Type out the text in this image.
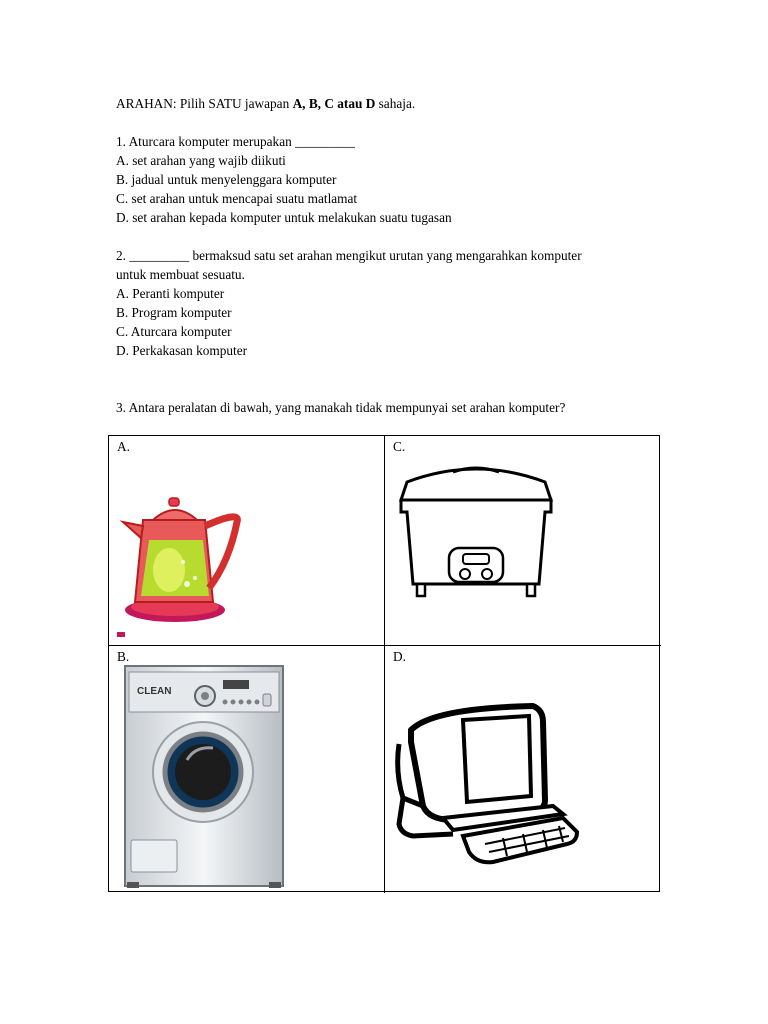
ARAHAN: Pilih SATU jawapan A, B, C atau D sahaja.
1. Aturcara komputer merupakan _________
A. set arahan yang wajib diikuti
B. jadual untuk menyelenggara komputer
C. set arahan untuk mencapai suatu matlamat
D. set arahan kepada komputer untuk melakukan suatu tugasan
2. _________ bermaksud satu set arahan mengikut urutan yang mengarahkan komputer
untuk membuat sesuatu.
A. Peranti komputer
B. Program komputer
C. Aturcara komputer
D. Perkakasan komputer
3. Antara peralatan di bawah, yang manakah tidak mempunyai set arahan komputer?
A.	C.
B.
CLEAN
D.
